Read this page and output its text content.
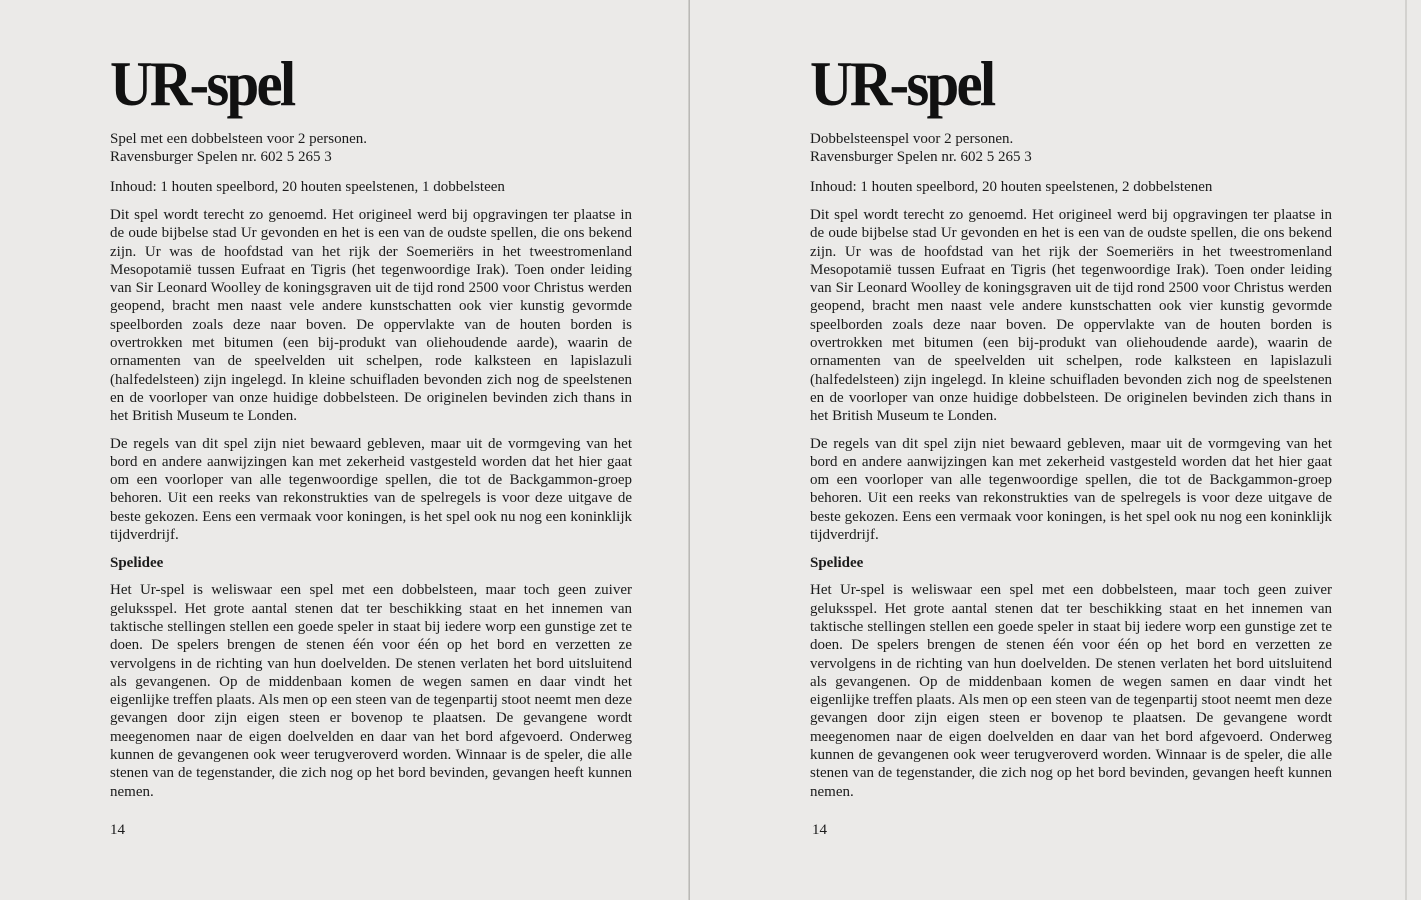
UR-spel

Spel met een dobbelsteen voor 2 personen.

Ravensburger Spelen nr. 602 5 265 3

Inhoud: 1 houten speelbord, 20 houten speelstenen, 1 dobbelsteen

Dit spel wordt terecht zo genoemd. Het origineel werd bij opgravingen ter plaatse in de oude bijbelse stad Ur gevonden en het is een van de oudste spellen, die ons bekend zijn. Ur was de hoofdstad van het rijk der Soemeriërs in het tweestromenland Mesopotamië tussen Eufraat en Tigris (het tegenwoordige Irak). Toen onder leiding van Sir Leonard Woolley de koningsgraven uit de tijd rond 2500 voor Christus werden geopend, bracht men naast vele andere kunstschatten ook vier kunstig gevormde speelborden zoals deze naar boven. De oppervlakte van de houten borden is overtrokken met bitumen (een bij-produkt van oliehoudende aarde), waarin de ornamenten van de speelvelden uit schelpen, rode kalksteen en lapislazuli (halfedelsteen) zijn ingelegd. In kleine schuifladen bevonden zich nog de speelstenen en de voorloper van onze huidige dobbelsteen. De originelen bevinden zich thans in het British Museum te Londen.

De regels van dit spel zijn niet bewaard gebleven, maar uit de vormgeving van het bord en andere aanwijzingen kan met zekerheid vastgesteld worden dat het hier gaat om een voorloper van alle tegenwoordige spellen, die tot de Backgammon-groep behoren. Uit een reeks van rekonstrukties van de spelregels is voor deze uitgave de beste gekozen. Eens een vermaak voor koningen, is het spel ook nu nog een koninklijk tijdverdrijf.

Spelidee

Het Ur-spel is weliswaar een spel met een dobbelsteen, maar toch geen zuiver geluksspel. Het grote aantal stenen dat ter beschikking staat en het innemen van taktische stellingen stellen een goede speler in staat bij iedere worp een gunstige zet te doen. De spelers brengen de stenen één voor één op het bord en verzetten ze vervolgens in de richting van hun doelvelden. De stenen verlaten het bord uitsluitend als gevangenen. Op de middenbaan komen de wegen samen en daar vindt het eigenlijke treffen plaats. Als men op een steen van de tegenpartij stoot neemt men deze gevangen door zijn eigen steen er bovenop te plaatsen. De gevangene wordt meegenomen naar de eigen doelvelden en daar van het bord afgevoerd. Onderweg kunnen de gevangenen ook weer terugveroverd worden. Winnaar is de speler, die alle stenen van de tegenstander, die zich nog op het bord bevinden, gevangen heeft kunnen nemen.

14
UR-spel

Dobbelsteenspel voor 2 personen.

Ravensburger Spelen nr. 602 5 265 3

Inhoud: 1 houten speelbord, 20 houten speelstenen, 2 dobbelstenen

Dit spel wordt terecht zo genoemd. Het origineel werd bij opgravingen ter plaatse in de oude bijbelse stad Ur gevonden en het is een van de oudste spellen, die ons bekend zijn. Ur was de hoofdstad van het rijk der Soemeriërs in het tweestromenland Mesopotamië tussen Eufraat en Tigris (het tegenwoordige Irak). Toen onder leiding van Sir Leonard Woolley de koningsgraven uit de tijd rond 2500 voor Christus werden geopend, bracht men naast vele andere kunstschatten ook vier kunstig gevormde speelborden zoals deze naar boven. De oppervlakte van de houten borden is overtrokken met bitumen (een bij-produkt van oliehoudende aarde), waarin de ornamenten van de speelvelden uit schelpen, rode kalksteen en lapislazuli (halfedelsteen) zijn ingelegd. In kleine schuifladen bevonden zich nog de speelstenen en de voorloper van onze huidige dobbelsteen. De originelen bevinden zich thans in het British Museum te Londen.

De regels van dit spel zijn niet bewaard gebleven, maar uit de vormgeving van het bord en andere aanwijzingen kan met zekerheid vastgesteld worden dat het hier gaat om een voorloper van alle tegenwoordige spellen, die tot de Backgammon-groep behoren. Uit een reeks van rekonstrukties van de spelregels is voor deze uitgave de beste gekozen. Eens een vermaak voor koningen, is het spel ook nu nog een koninklijk tijdverdrijf.

Spelidee

Het Ur-spel is weliswaar een spel met een dobbelsteen, maar toch geen zuiver geluksspel. Het grote aantal stenen dat ter beschikking staat en het innemen van taktische stellingen stellen een goede speler in staat bij iedere worp een gunstige zet te doen. De spelers brengen de stenen één voor één op het bord en verzetten ze vervolgens in de richting van hun doelvelden. De stenen verlaten het bord uitsluitend als gevangenen. Op de middenbaan komen de wegen samen en daar vindt het eigenlijke treffen plaats. Als men op een steen van de tegenpartij stoot neemt men deze gevangen door zijn eigen steen er bovenop te plaatsen. De gevangene wordt meegenomen naar de eigen doelvelden en daar van het bord afgevoerd. Onderweg kunnen de gevangenen ook weer terugveroverd worden. Winnaar is de speler, die alle stenen van de tegenstander, die zich nog op het bord bevinden, gevangen heeft kunnen nemen.

14
